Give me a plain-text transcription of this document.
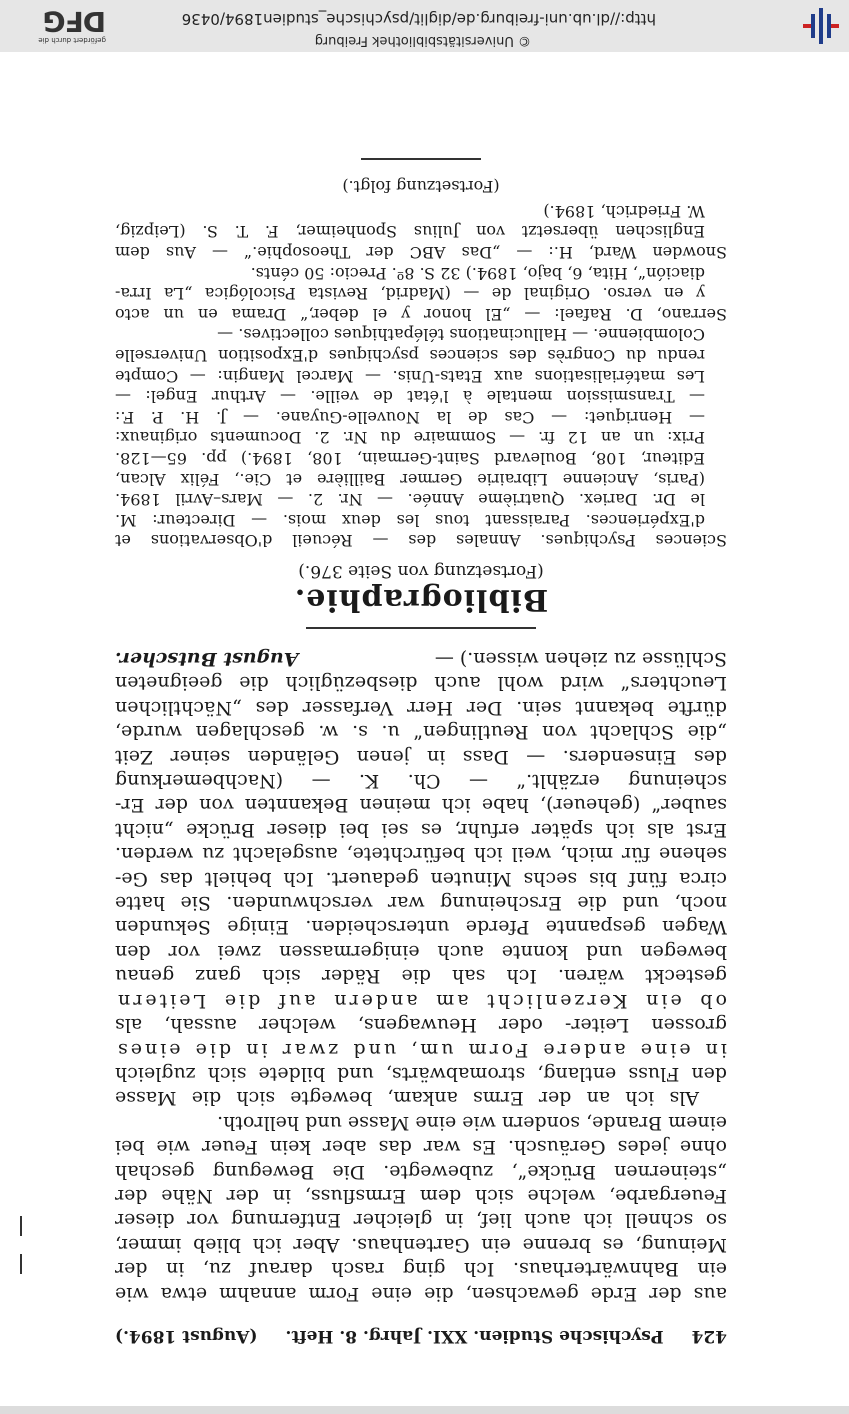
424
Psychische Studien. XXI. Jahrg. 8. Heft.
(August 1894.)

aus der Erde gewachsen, die eine Form annahm etwa wie

ein Bahnwärterhaus. Ich ging rasch darauf zu, in der

Meinung, es brenne ein Gartenhaus. Aber ich blieb immer,

so schnell ich auch lief, in gleicher Entfernung vor dieser

Feuergarbe, welche sich dem Ermsfluss, in der Nähe der

„steinernen Brücke“, zubewegte. Die Bewegung geschah

ohne jedes Geräusch. Es war das aber kein Feuer wie bei

einem Brande, sondern wie eine Masse und hellroth.

Als ich an der Erms ankam, bewegte sich die Masse

den Fluss entlang, stromabwärts, und bildete sich zugleich

in eine andere Form um, und zwar in die eines

grossen Leiter- oder Heuwagens, welcher aussah, als

ob ein Kerzenlicht am andern auf die Leitern

gesteckt wären. Ich sah die Räder sich ganz genau

bewegen und konnte auch einigermassen zwei vor den

Wagen gespannte Pferde unterscheiden. Einige Sekunden

noch, und die Erscheinung war verschwunden. Sie hatte

circa fünf bis sechs Minuten gedauert. Ich behielt das Ge-

sehene für mich, weil ich befürchtete, ausgelacht zu werden.

Erst als ich später erfuhr, es sei bei dieser Brücke „nicht

sauber“ (geheuer), habe ich meinen Bekannten von der Er-

scheinung erzählt.“ — Ch. K. — (Nachbemerkung

des Einsenders. — Dass in jenen Geländen seiner Zeit

„die Schlacht von Reutlingen“ u. s. w. geschlagen wurde,

dürfte bekannt sein. Der Herr Verfasser des „Nächtlichen

Leuchters“ wird wohl auch diesbezüglich die geeigneten

Schlüsse zu ziehen wissen.) —
August Butscher.

Bibliographie.
(Fortsetzung von Seite 376.)

Sciences Psychiques. Annales des — Récueil d'Observations et

d'Expériences. Paraissant tous les deux mois. — Directeur: M.

le Dr. Dariex. Quatrième Année. — Nr. 2. — Mars–Avril 1894.

(Paris, Ancienne Librairie Germer Baillière et Cie., Félix Alcan,

Editeur, 108, Boulevard Saint-Germain, 108, 1894.) pp. 65—128.

Prix: un an 12 fr. — Sommaire du Nr. 2. Documents originaux:

— Henriquet: — Cas de la Nouvelle-Guyane. — J. H. P. F.:

— Transmission mentale à l'état de veille. — Arthur Engel: —

Les matérialisations aux Etats-Unis. — Marcel Mangin: — Compte

rendu du Congrès des sciences psychiques d'Exposition Universelle

Colombienne. — Hallucinations télépathiques collectives. —

Serrano, D. Rafael: — „El honor y el deber,“ Drama en un acto

y en verso. Original de — (Madrid, Revista Psicológica „La Irra-

diación“, Hita, 6, bajo, 1894.) 32 S. 8º. Precio: 50 cénts.

Snowden Ward, H.: — „Das ABC der Theosophie.“ — Aus dem

Englischen übersetzt von Julius Sponheimer, F. T. S. (Leipzig,

W. Friedrich, 1894.)

(Fortsetzung folgt.)
http://dl.ub.uni-freiburg.de/diglit/psychische_studien1894/0436
© Universitätsbibliothek Freiburg
gefördert durch die
DFG
